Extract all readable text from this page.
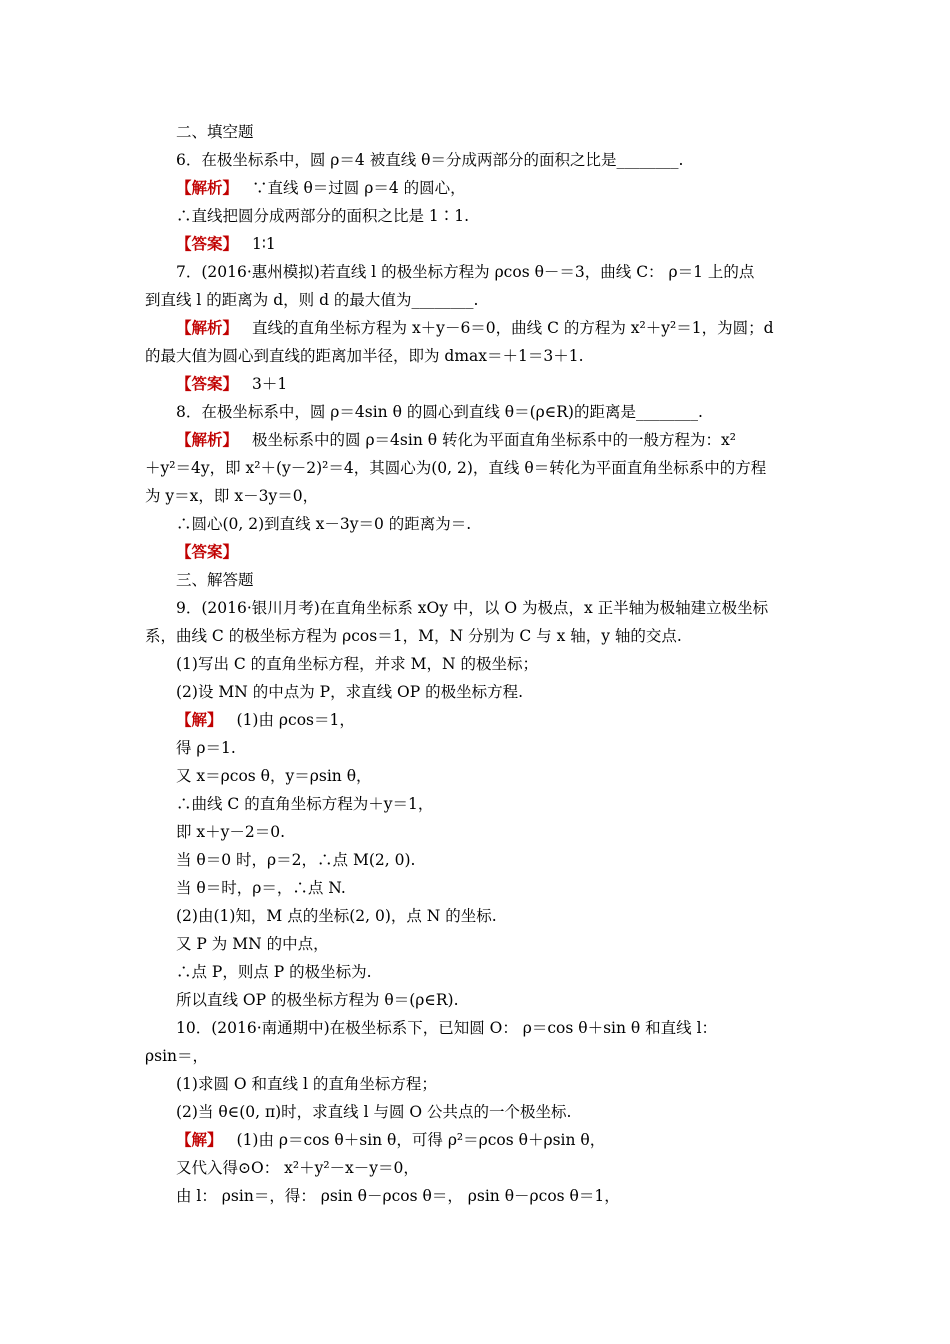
二、填空题
6．在极坐标系中，圆 ρ＝4 被直线 θ＝分成两部分的面积之比是________.
【解析】 ∵直线 θ＝过圆 ρ＝4 的圆心，
∴直线把圆分成两部分的面积之比是 1∶1.
【答案】 1∶1
7．(2016·惠州模拟)若直线 l 的极坐标方程为 ρcos θ－＝3，曲线 C： ρ＝1 上的点
到直线 l 的距离为 d，则 d 的最大值为________.
【解析】 直线的直角坐标方程为 x＋y－6＝0，曲线 C 的方程为 x²＋y²＝1，为圆；d
的最大值为圆心到直线的距离加半径，即为 dmax＝＋1＝3＋1.
【答案】 3＋1
8．在极坐标系中，圆 ρ＝4sin θ 的圆心到直线 θ＝(ρ∈R)的距离是________.
【解析】 极坐标系中的圆 ρ＝4sin θ 转化为平面直角坐标系中的一般方程为：x²
＋y²＝4y，即 x²＋(y－2)²＝4，其圆心为(0, 2)，直线 θ＝转化为平面直角坐标系中的方程
为 y＝x，即 x－3y＝0，
∴圆心(0, 2)到直线 x－3y＝0 的距离为＝.
【答案】
三、解答题
9．(2016·银川月考)在直角坐标系 xOy 中，以 O 为极点，x 正半轴为极轴建立极坐标
系，曲线 C 的极坐标方程为 ρcos＝1，M，N 分别为 C 与 x 轴，y 轴的交点.
(1)写出 C 的直角坐标方程，并求 M，N 的极坐标；
(2)设 MN 的中点为 P，求直线 OP 的极坐标方程.
【解】 (1)由 ρcos＝1，
得 ρ＝1.
又 x＝ρcos θ，y＝ρsin θ，
∴曲线 C 的直角坐标方程为＋y＝1，
即 x＋y－2＝0.
当 θ＝0 时，ρ＝2，∴点 M(2, 0).
当 θ＝时，ρ＝，∴点 N.
(2)由(1)知，M 点的坐标(2, 0)，点 N 的坐标.
又 P 为 MN 的中点，
∴点 P，则点 P 的极坐标为.
所以直线 OP 的极坐标方程为 θ＝(ρ∈R).
10．(2016·南通期中)在极坐标系下，已知圆 O： ρ＝cos θ＋sin θ 和直线 l：
ρsin＝，
(1)求圆 O 和直线 l 的直角坐标方程；
(2)当 θ∈(0, π)时，求直线 l 与圆 O 公共点的一个极坐标.
【解】 (1)由 ρ＝cos θ＋sin θ，可得 ρ²＝ρcos θ＋ρsin θ，
又代入得⊙O： x²＋y²－x－y＝0，
由 l： ρsin＝，得： ρsin θ－ρcos θ＝， ρsin θ－ρcos θ＝1，
